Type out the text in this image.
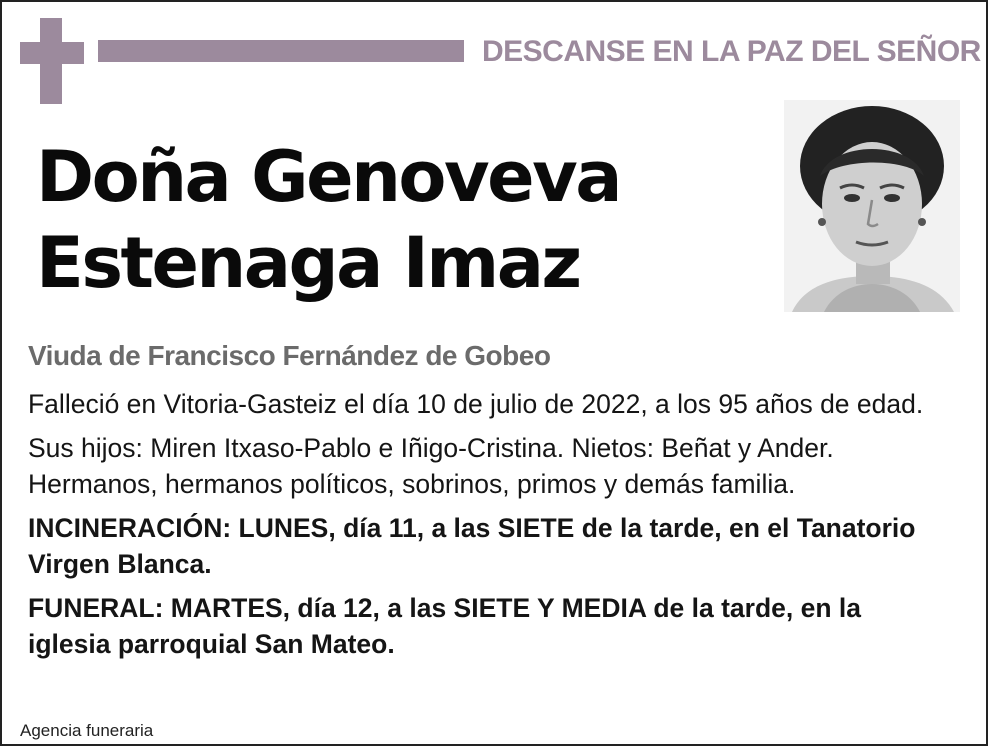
DESCANSE EN LA PAZ DEL SEÑOR
Doña Genoveva
Estenaga Imaz
Viuda de Francisco Fernández de Gobeo

Falleció en Vitoria-Gasteiz el día 10 de julio de 2022, a los 95 años de edad.

Sus hijos: Miren Itxaso-Pablo e Iñigo-Cristina. Nietos: Beñat y Ander. Hermanos, hermanos políticos, sobrinos, primos y demás familia.

INCINERACIÓN: LUNES, día 11, a las SIETE de la tarde, en el Tanatorio Virgen Blanca.

FUNERAL: MARTES, día 12, a las SIETE Y MEDIA de la tarde, en la iglesia parroquial San Mateo.

Agencia funeraria
